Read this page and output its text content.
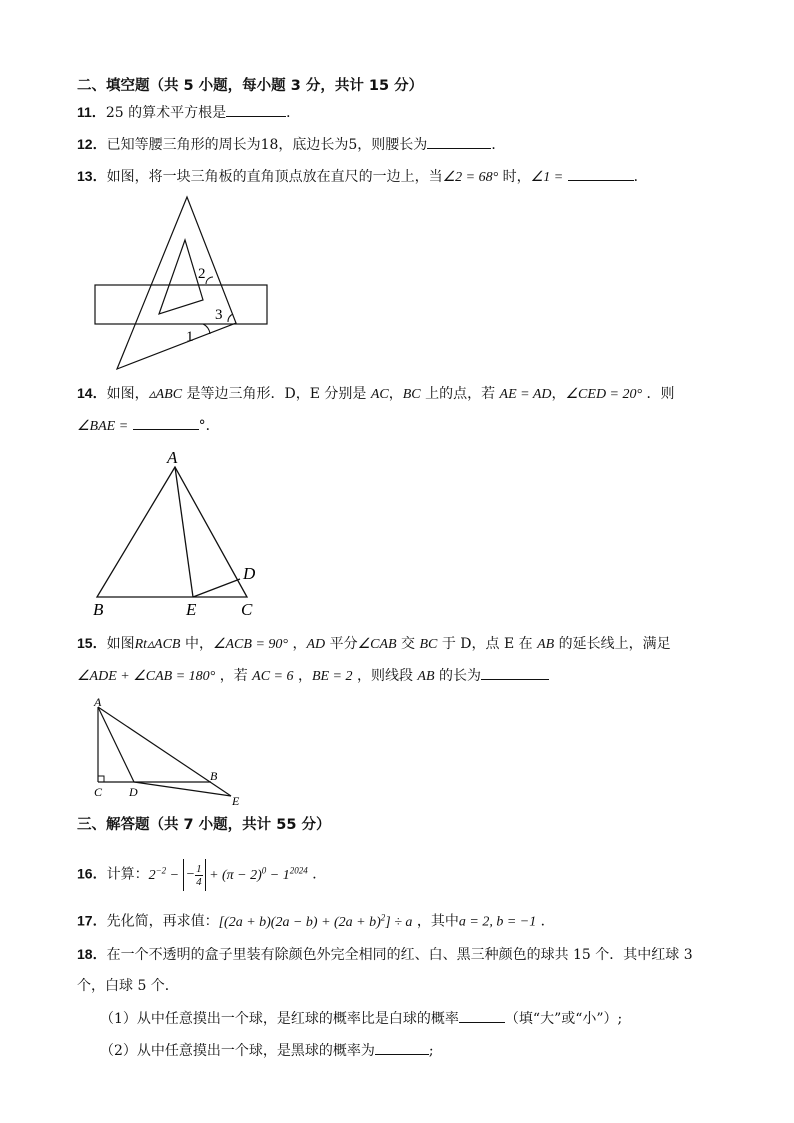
二、填空题（共 5 小题，每小题 3 分，共计 15 分）
11．25 的算术平方根是	．
12．已知等腰三角形的周长为18，底边长为5，则腰长为	．
13．如图，将一块三角板的直角顶点放在直尺的一边上，当∠2 = 68° 时，∠1 =	．
2
3
1
14．如图，▵ABC 是等边三角形．D，E 分别是 AC，BC 上的点，若 AE = AD，∠CED = 20° ．则
∠BAE =	°．
A
B	E	C
D
15．如图Rt▵ACB 中，∠ACB = 90° ，AD 平分∠CAB 交 BC 于 D，点 E 在 AB 的延长线上，满足
∠ADE + ∠CAB = 180° ，若 AC = 6 ，BE = 2 ，则线段 AB 的长为
A
C D
B
E
三、解答题（共 7 小题，共计 55 分）
16．计算：$2^{-2}$ − − $\frac{1}{4} + (\pi - 2)^0 - 1^{2024}$ ．
17．先化简，再求值：$[(2a + b)(2a - b) + (2a + b)^2] \div a$ ，其中a = 2, b = −1 ．
18．在一个不透明的盒子里装有除颜色外完全相同的红、白、黑三种颜色的球共 15 个．其中红球 3
个，白球 5 个．
（1）从中任意摸出一个球，是红球的概率比是白球的概率	（填“大”或“小”）;
（2）从中任意摸出一个球，是黑球的概率为	;
